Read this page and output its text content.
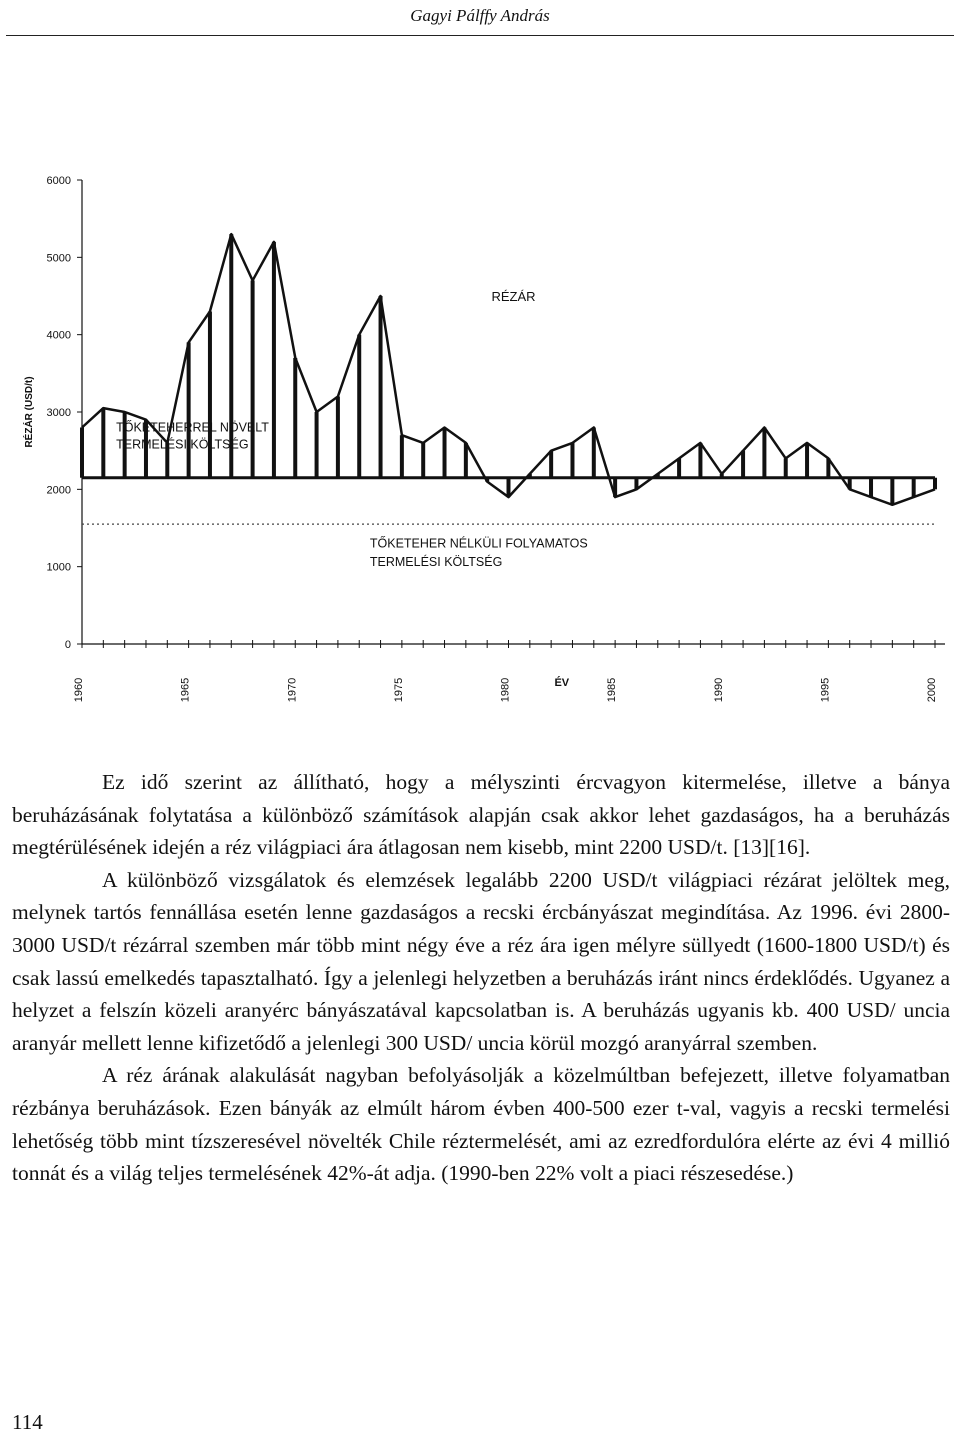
Gagyi Pálffy András
0
1000
2000
3000
4000
5000
6000
1960	1965	1970	1975	1980	1985	1990	1995	2000
RÉZÁR (USD/t)
ÉV
RÉZÁR
TŐKETEHERREL NÖVELT
TERMELÉSI KÖLTSÉG
TŐKETEHER NÉLKÜLI FOLYAMATOS
TERMELÉSI KÖLTSÉG

Ez idő szerint az állítható, hogy a mélyszinti ércvagyon kitermelése, illetve a bánya beruházásának folytatása a különböző számítások alapján csak akkor lehet gazdaságos, ha a beruházás megtérülésének idején a réz világpiaci ára átlagosan nem kisebb, mint 2200 USD/t. [13][16].

A különböző vizsgálatok és elemzések legalább 2200 USD/t világpiaci rézárat jelöltek meg, melynek tartós fennállása esetén lenne gazdaságos a recski ércbányászat megindítása. Az 1996. évi 2800-3000 USD/t rézárral szemben már több mint négy éve a réz ára igen mélyre süllyedt (1600-1800 USD/t) és csak lassú emelkedés tapasztalható. Így a jelenlegi helyzetben a beruházás iránt nincs érdeklődés. Ugyanez a helyzet a felszín közeli aranyérc bányászatával kapcsolatban is. A beruházás ugyanis kb. 400 USD/ uncia aranyár mellett lenne kifizetődő a jelenlegi 300 USD/ uncia körül mozgó aranyárral szemben.

A réz árának alakulását nagyban befolyásolják a közelmúltban befejezett, illetve folyamatban rézbánya beruházások. Ezen bányák az elmúlt három évben 400-500 ezer t-val, vagyis a recski termelési lehetőség több mint tízszeresével növelték Chile réztermelését, ami az ezredfordulóra elérte az évi 4 millió tonnát és a világ teljes termelésének 42%-át adja. (1990-ben 22% volt a piaci részesedése.)

114
